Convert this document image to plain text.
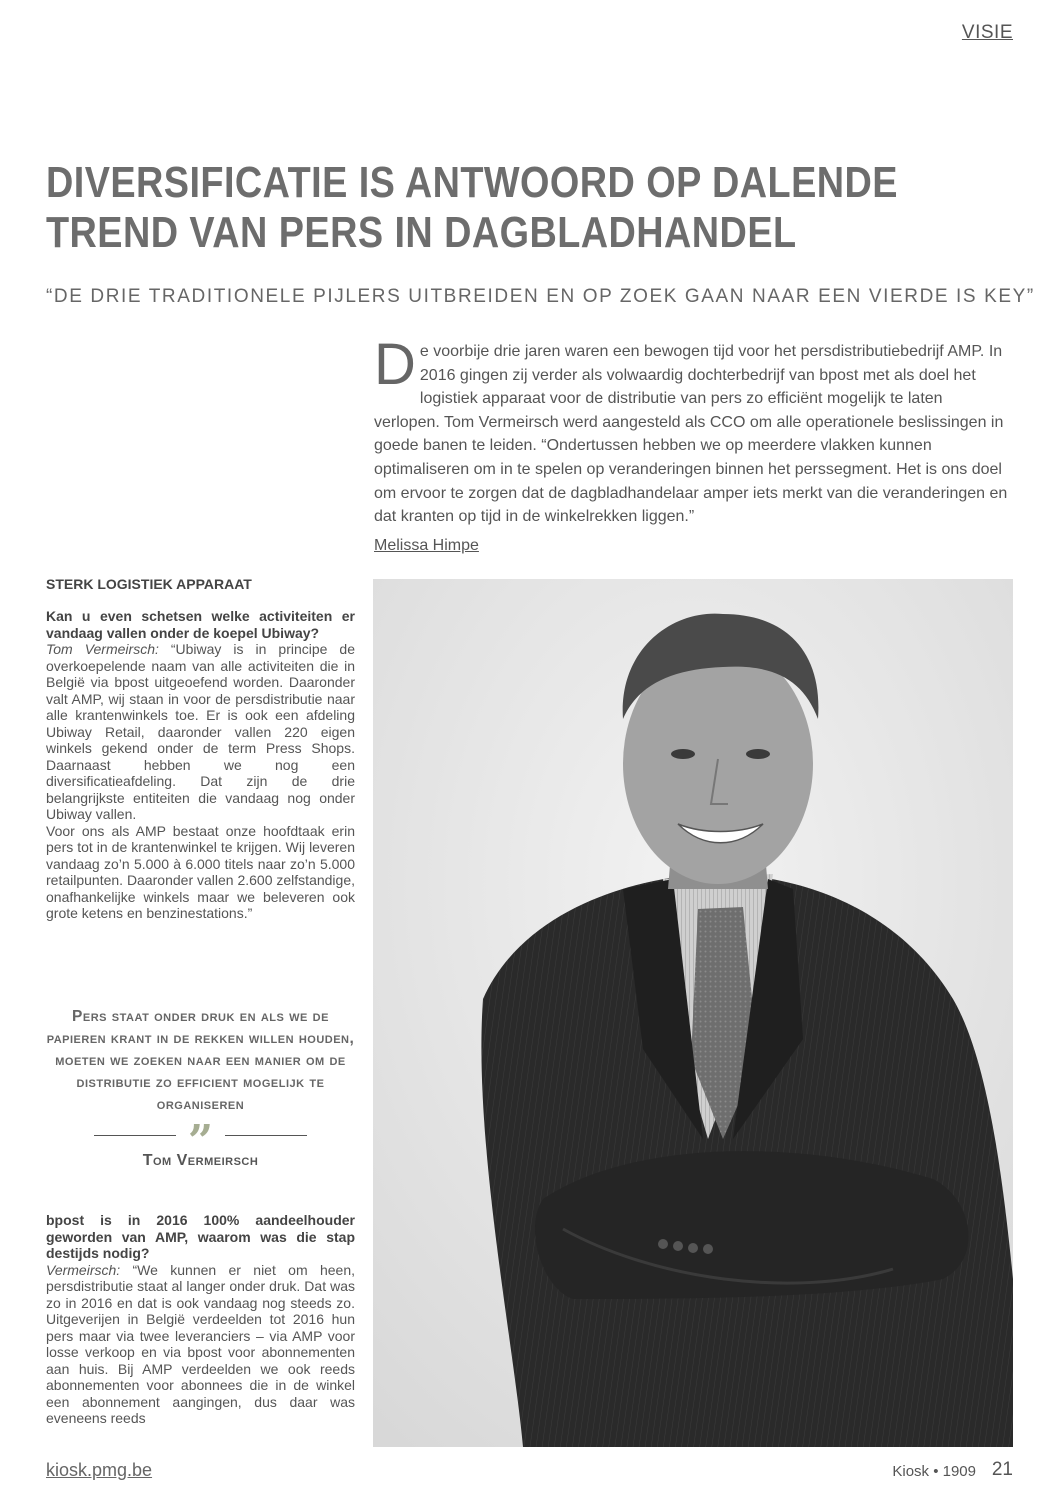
VISIE
DIVERSIFICATIE IS ANTWOORD OP DALENDE
TREND VAN PERS IN DAGBLADHANDEL

“DE DRIE TRADITIONELE PIJLERS UITBREIDEN EN OP ZOEK GAAN NAAR EEN VIERDE IS KEY”

De voorbije drie jaren waren een bewogen tijd voor het persdistributiebedrijf AMP. In 2016 gingen zij verder als volwaardig dochterbedrijf van bpost met als doel het logistiek apparaat voor de distributie van pers zo efficiënt mogelijk te laten verlopen. Tom Vermeirsch werd aangesteld als CCO om alle operationele beslissingen in goede banen te leiden. “Ondertussen hebben we op meerdere vlakken kunnen optimaliseren om in te spelen op veranderingen binnen het perssegment. Het is ons doel om ervoor te zorgen dat de dagbladhandelaar amper iets merkt van die veranderingen en dat kranten op tijd in de winkelrekken liggen.”

Melissa Himpe

STERK LOGISTIEK APPARAAT

Kan u even schetsen welke activiteiten er vandaag vallen onder de koepel Ubiway?

Tom Vermeirsch: “Ubiway is in principe de overkoepelende naam van alle activiteiten die in België via bpost uitgeoefend worden. Daaronder valt AMP, wij staan in voor de persdistributie naar alle krantenwinkels toe. Er is ook een afdeling Ubiway Retail, daaronder vallen 220 eigen winkels gekend onder de term Press Shops. Daarnaast hebben we nog een diversificatieafdeling. Dat zijn de drie belangrijkste entiteiten die vandaag nog onder Ubiway vallen.

Voor ons als AMP bestaat onze hoofdtaak erin pers tot in de krantenwinkel te krijgen. Wij leveren vandaag zo’n 5.000 à 6.000 titels naar zo’n 5.000 retailpunten. Daaronder vallen 2.600 zelfstandige, onafhankelijke winkels maar we beleveren ook grote ketens en benzinestations.”

Pers staat onder druk en als we de papieren krant in de rekken willen houden, moeten we zoeken naar een manier om de distributie zo efficient mogelijk te organiseren

”
Tom Vermeirsch

bpost is in 2016 100% aandeelhouder geworden van AMP, waarom was die stap destijds nodig?

Vermeirsch: “We kunnen er niet om heen, persdistributie staat al langer onder druk. Dat was zo in 2016 en dat is ook vandaag nog steeds zo. Uitgeverijen in België verdeelden tot 2016 hun pers maar via twee leveranciers – via AMP voor losse verkoop en via bpost voor abonnementen aan huis. Bij AMP verdeelden we ook reeds abonnementen voor abonnees die in de winkel een abonnement aangingen, dus daar was eveneens reeds

kiosk.pmg.be	Kiosk • 1909 21
